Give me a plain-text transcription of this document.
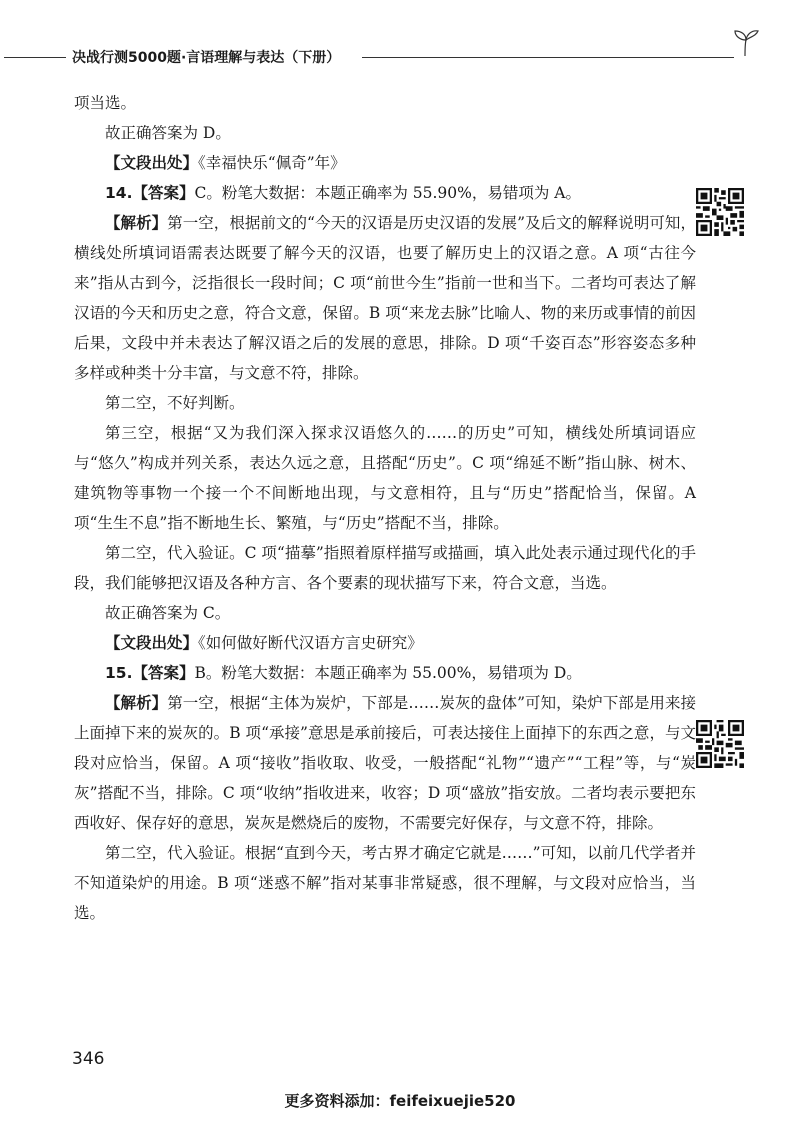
决战行测5000题·言语理解与表达（下册）

项当选。

故正确答案为 D。

【文段出处】《幸福快乐“佩奇”年》

14.【答案】C。粉笔大数据：本题正确率为 55.90%，易错项为 A。

【解析】第一空，根据前文的“今天的汉语是历史汉语的发展”及后文的解释说明可知，横线处所填词语需表达既要了解今天的汉语，也要了解历史上的汉语之意。A 项“古往今来”指从古到今，泛指很长一段时间；C 项“前世今生”指前一世和当下。二者均可表达了解汉语的今天和历史之意，符合文意，保留。B 项“来龙去脉”比喻人、物的来历或事情的前因后果，文段中并未表达了解汉语之后的发展的意思，排除。D 项“千姿百态”形容姿态多种多样或种类十分丰富，与文意不符，排除。

第二空，不好判断。

第三空，根据“又为我们深入探求汉语悠久的……的历史”可知，横线处所填词语应与“悠久”构成并列关系，表达久远之意，且搭配“历史”。C 项“绵延不断”指山脉、树木、建筑物等事物一个接一个不间断地出现，与文意相符，且与“历史”搭配恰当，保留。A 项“生生不息”指不断地生长、繁殖，与“历史”搭配不当，排除。

第二空，代入验证。C 项“描摹”指照着原样描写或描画，填入此处表示通过现代化的手段，我们能够把汉语及各种方言、各个要素的现状描写下来，符合文意，当选。

故正确答案为 C。

【文段出处】《如何做好断代汉语方言史研究》

15.【答案】B。粉笔大数据：本题正确率为 55.00%，易错项为 D。

【解析】第一空，根据“主体为炭炉，下部是……炭灰的盘体”可知，染炉下部是用来接上面掉下来的炭灰的。B 项“承接”意思是承前接后，可表达接住上面掉下的东西之意，与文段对应恰当，保留。A 项“接收”指收取、收受，一般搭配“礼物”“遗产”“工程”等，与“炭灰”搭配不当，排除。C 项“收纳”指收进来，收容；D 项“盛放”指安放。二者均表示要把东西收好、保存好的意思，炭灰是燃烧后的废物，不需要完好保存，与文意不符，排除。

第二空，代入验证。根据“直到今天，考古界才确定它就是……”可知，以前几代学者并不知道染炉的用途。B 项“迷惑不解”指对某事非常疑惑，很不理解，与文段对应恰当，当选。

346
更多资料添加：feifeixuejie520
